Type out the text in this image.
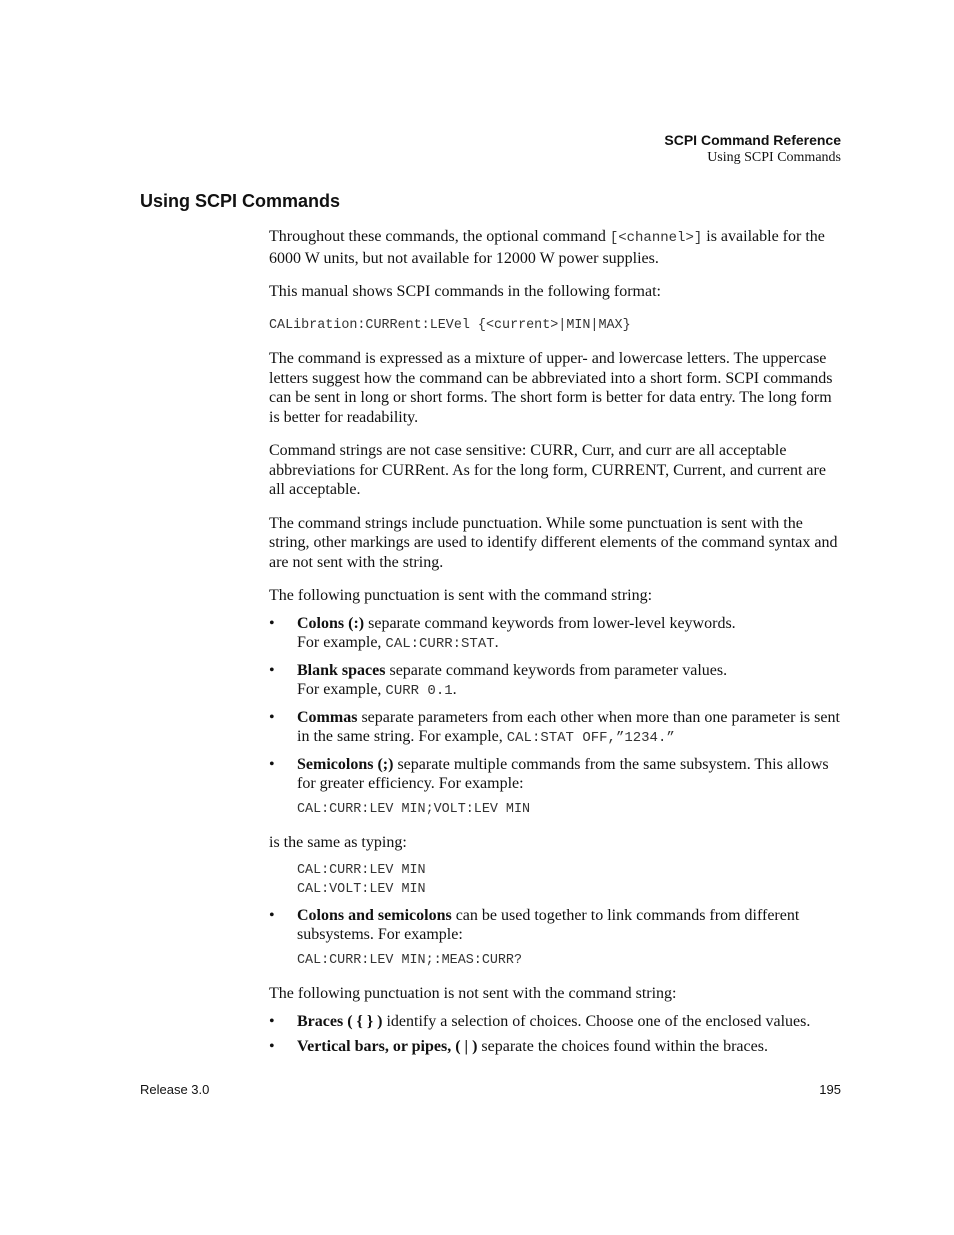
SCPI Command Reference
Using SCPI Commands
Using SCPI Commands

Throughout these commands, the optional command [<channel>] is available for the 6000 W units, but not available for 12000 W power supplies.

This manual shows SCPI commands in the following format:

CALibration:CURRent:LEVel {<current>|MIN|MAX}

The command is expressed as a mixture of upper- and lowercase letters. The uppercase letters suggest how the command can be abbreviated into a short form. SCPI commands can be sent in long or short forms. The short form is better for data entry. The long form is better for readability.

Command strings are not case sensitive: CURR, Curr, and curr are all acceptable abbreviations for CURRent. As for the long form, CURRENT, Current, and current are all acceptable.

The command strings include punctuation. While some punctuation is sent with the string, other markings are used to identify different elements of the command syntax and are not sent with the string.

The following punctuation is sent with the command string:

• Colons (:) separate command keywords from lower-level keywords.
For example, CAL:CURR:STAT.
• Blank spaces separate command keywords from parameter values.
For example, CURR 0.1.
• Commas separate parameters from each other when more than one parameter is sent in the same string. For example, CAL:STAT OFF,”1234.”
• Semicolons (;) separate multiple commands from the same subsystem. This allows for greater efficiency. For example:
CAL:CURR:LEV MIN;VOLT:LEV MIN

is the same as typing:

CAL:CURR:LEV MIN
CAL:VOLT:LEV MIN
• Colons and semicolons can be used together to link commands from different subsystems. For example:
CAL:CURR:LEV MIN;:MEAS:CURR?

The following punctuation is not sent with the command string:

• Braces ( { } ) identify a selection of choices. Choose one of the enclosed values.
• Vertical bars, or pipes, ( | ) separate the choices found within the braces.
Release 3.0	195
